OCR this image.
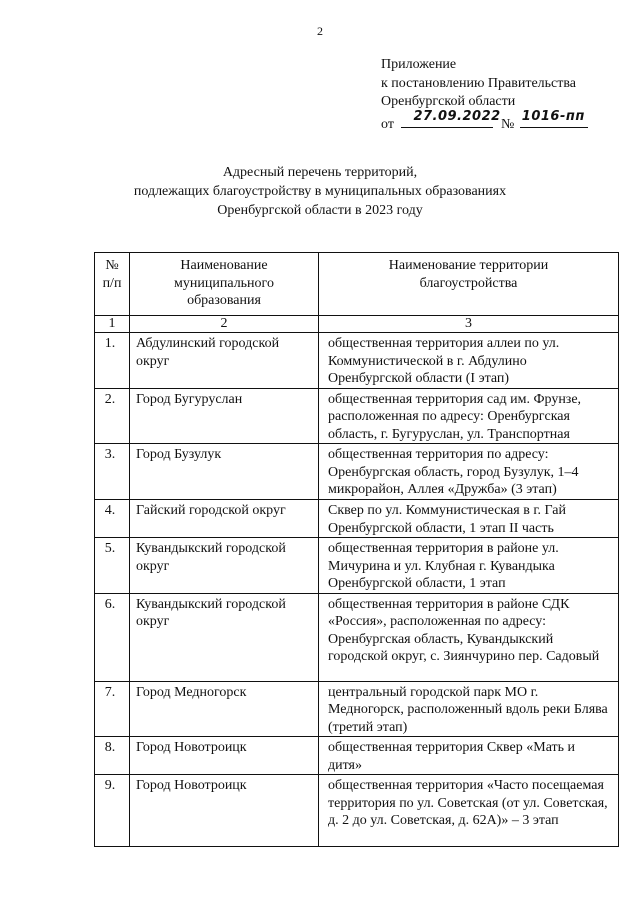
2
Приложение
к постановлению Правительства
Оренбургской области
от 27.09.2022 № 1016-пп
Адресный перечень территорий,
подлежащих благоустройству в муниципальных образованиях
Оренбургской области в 2023 году
№ п/п	Наименование муниципального образования	Наименование территории благоустройства

1	2	3
1.	Абдулинский городской округ	общественная территория аллеи по ул. Коммунистической в г. Абдулино Оренбургской области (I этап)
2.	Город Бугуруслан	общественная территория сад им. Фрунзе, расположенная по адресу: Оренбургская область, г. Бугуруслан, ул. Транспортная
3.	Город Бузулук	общественная территория по адресу: Оренбургская область, город Бузулук, 1–4 микрорайон, Аллея «Дружба» (3 этап)
4.	Гайский городской округ	Сквер по ул. Коммунистическая в г. Гай Оренбургской области, 1 этап II часть
5.	Кувандыкский городской округ	общественная территория в районе ул. Мичурина и ул. Клубная г. Кувандыка Оренбургской области, 1 этап
6.	Кувандыкский городской округ	общественная территория в районе СДК «Россия», расположенная по адресу: Оренбургская область, Кувандыкский городской округ, с. Зиянчурино пер. Садовый
7.	Город Медногорск	центральный городской парк МО г. Медногорск, расположенный вдоль реки Блява (третий этап)
8.	Город Новотроицк	общественная территория Сквер «Мать и дитя»
9.	Город Новотроицк	общественная территория «Часто посещаемая территория по ул. Советская (от ул. Советская, д. 2 до ул. Советская, д. 62А)» – 3 этап
